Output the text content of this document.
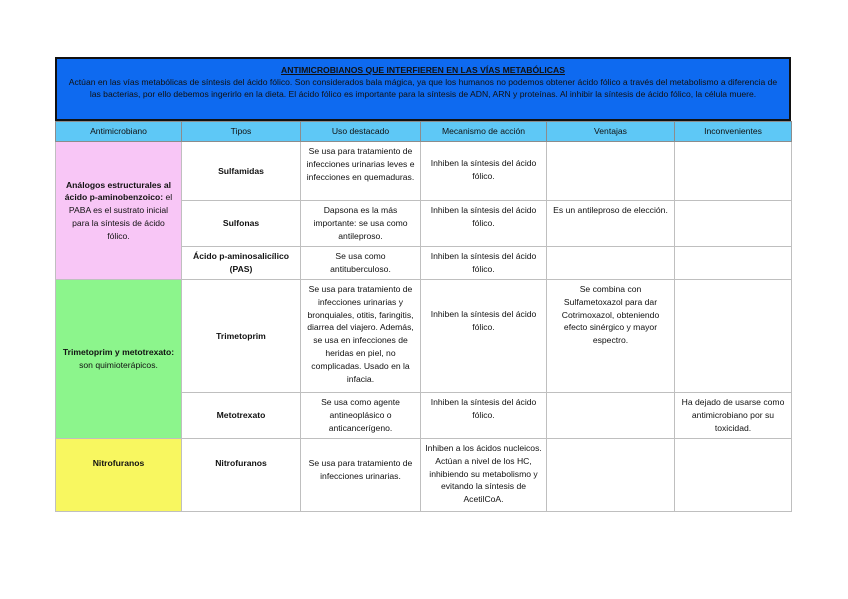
ANTIMICROBIANOS QUE INTERFIEREN EN LAS VÍAS METABÓLICAS
Actúan en las vías metabólicas de síntesis del ácido fólico. Son considerados bala mágica, ya que los humanos no podemos obtener ácido fólico a través del metabolismo a diferencia de las bacterias, por ello debemos ingerirlo en la dieta. El ácido fólico es importante para la síntesis de ADN, ARN y proteínas. Al inhibir la síntesis de ácido fólico, la célula muere.
Antimicrobiano	Tipos	Uso destacado	Mecanismo de acción	Ventajas	Inconvenientes
Análogos estructurales al ácido p-aminobenzoico: el PABA es el sustrato inicial para la síntesis de ácido fólico.	Sulfamidas	Se usa para tratamiento de infecciones urinarias leves e infecciones en quemaduras.	Inhiben la síntesis del ácido fólico.		
	Sulfonas	Dapsona es la más importante: se usa como antileproso.	Inhiben la síntesis del ácido fólico.	Es un antileproso de elección.	
	Ácido p-aminosalicílico (PAS)	Se usa como antituberculoso.	Inhiben la síntesis del ácido fólico.		
Trimetoprim y metotrexato: son quimioterápicos.	Trimetoprim	Se usa para tratamiento de infecciones urinarias y bronquiales, otitis, faringitis, diarrea del viajero. Además, se usa en infecciones de heridas en piel, no complicadas. Usado en la infacia.	Inhiben la síntesis del ácido fólico.	Se combina con Sulfametoxazol para dar Cotrimoxazol, obteniendo efecto sinérgico y mayor espectro.	
	Metotrexato	Se usa como agente antineoplásico o anticancerígeno.	Inhiben la síntesis del ácido fólico.		Ha dejado de usarse como antimicrobiano por su toxicidad.
Nitrofuranos	Nitrofuranos	Se usa para tratamiento de infecciones urinarias.	Inhiben a los ácidos nucleicos. Actúan a nivel de los HC, inhibiendo su metabolismo y evitando la síntesis de AcetilCoA.		
